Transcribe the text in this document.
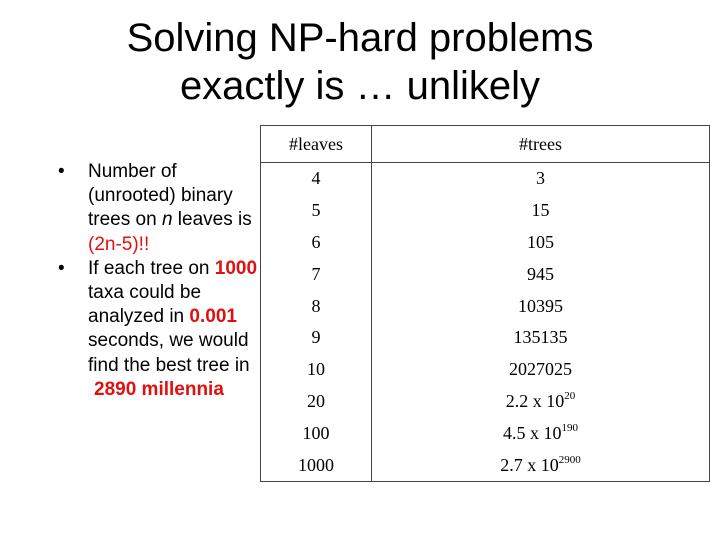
Solving NP-hard problems
exactly is … unlikely
• Number of (unrooted) binary trees on n leaves is (2n-5)!!
• If each tree on 1000 taxa could be analyzed in 0.001 seconds, we would find the best tree in
2890 millennia
#leaves	#trees
4	3
5	15
6	105
7	945
8	10395
9	135135
10	2027025
20	2.2 x $10^{20}$
100	4.5 x $10^{190}$
1000	2.7 x $10^{2900}$
